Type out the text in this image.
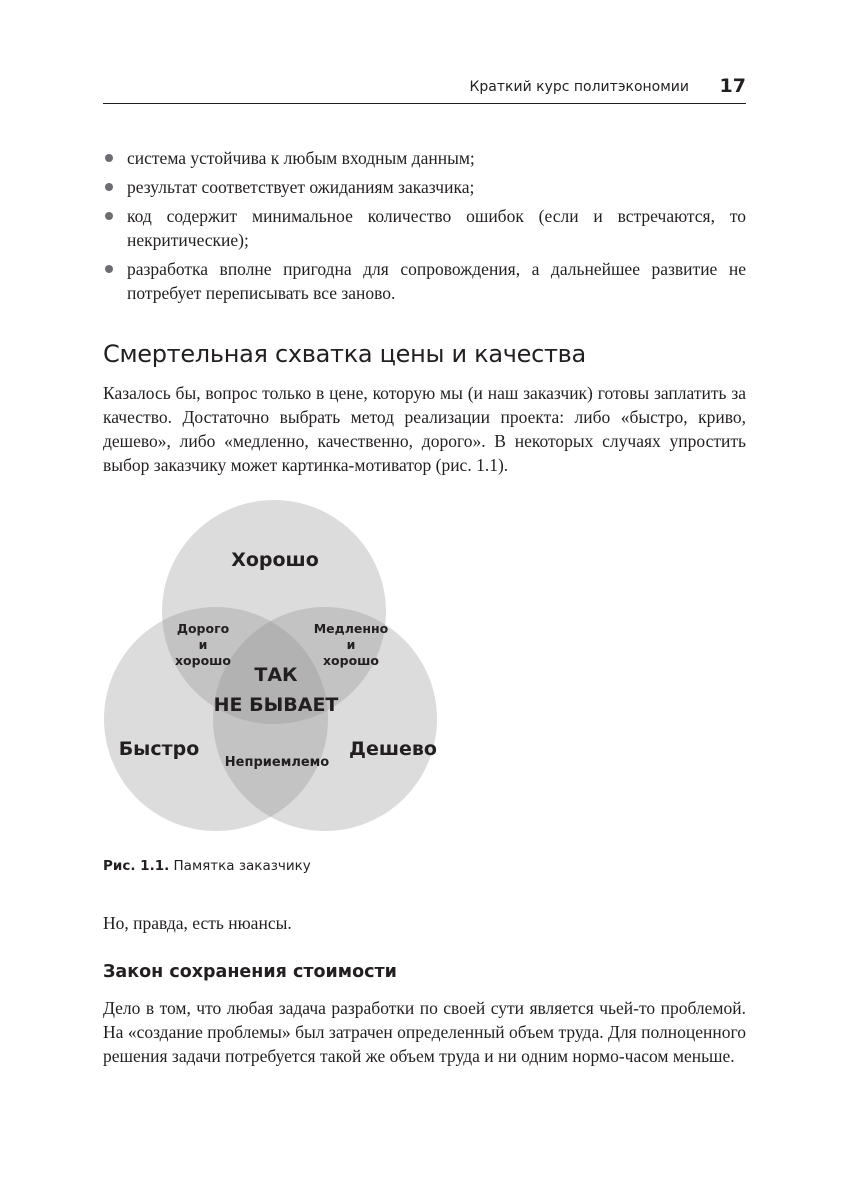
Краткий курс политэкономии 17
система устойчива к любым входным данным;
результат соответствует ожиданиям заказчика;
код содержит минимальное количество ошибок (если и встречаются, то некритические);
разработка вполне пригодна для сопровождения, а дальнейшее развитие не потребует переписывать все заново.
Смертельная схватка цены и качества

Казалось бы, вопрос только в цене, которую мы (и наш заказчик) готовы заплатить за качество. Достаточно выбрать метод реализации проекта: либо «быстро, криво, дешево», либо «медленно, качественно, дорого». В некоторых случаях упростить выбор заказчику может картинка-мотиватор (рис. 1.1).

Хорошо
Быстро	Дешево
Дорого
и
хорошо
Медленно
и
хорошо
Неприемлемо
ТАК
НЕ БЫВАЕТ
Рис. 1.1. Памятка заказчику

Но, правда, есть нюансы.

Закон сохранения стоимости

Дело в том, что любая задача разработки по своей сути является чьей-то проблемой. На «создание проблемы» был затрачен определенный объем труда. Для полноценного решения задачи потребуется такой же объем труда и ни одним нормо-часом меньше.
